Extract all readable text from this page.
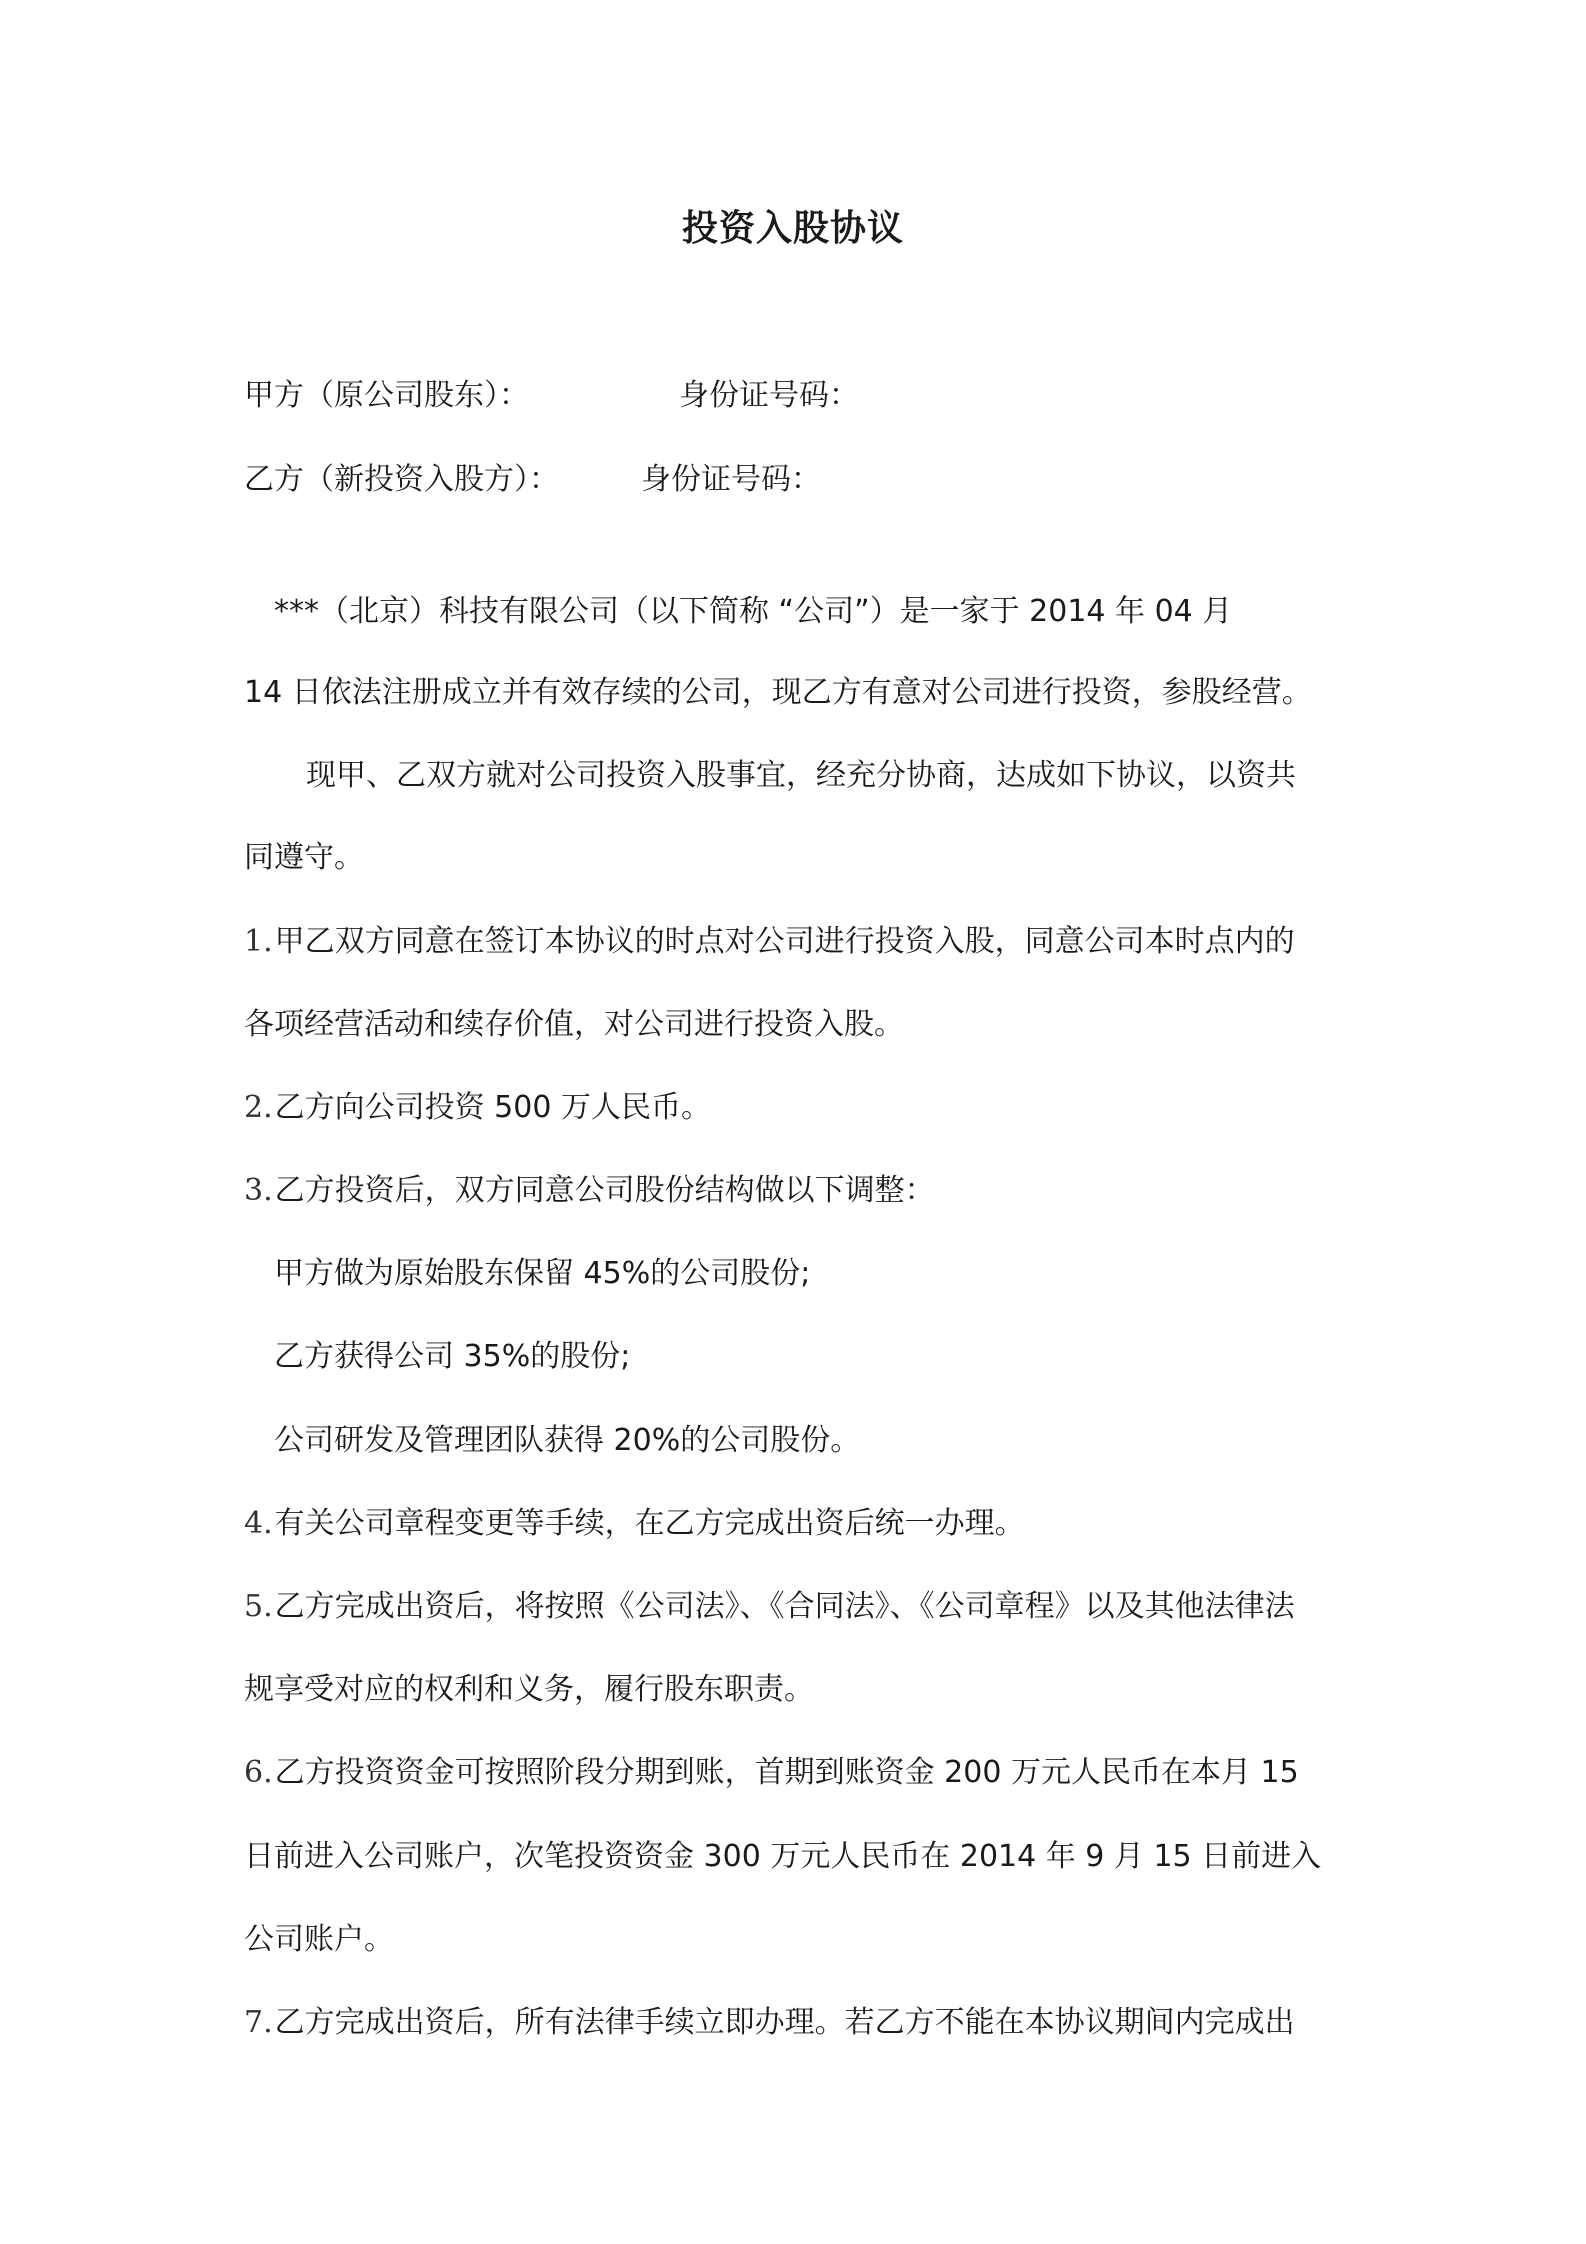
投资入股协议
甲方（原公司股东）：	身份证号码：
乙方（新投资入股方）：	身份证号码：
***（北京）科技有限公司（以下简称 “公司”）是一家于 2014 年 04 月
14 日依法注册成立并有效存续的公司，现乙方有意对公司进行投资，参股经营。
现甲、乙双方就对公司投资入股事宜，经充分协商，达成如下协议，以资共
同遵守。
1.甲乙双方同意在签订本协议的时点对公司进行投资入股，同意公司本时点内的
各项经营活动和续存价值，对公司进行投资入股。
2.乙方向公司投资 500 万人民币。
3.乙方投资后，双方同意公司股份结构做以下调整：
甲方做为原始股东保留 45%的公司股份;
乙方获得公司 35%的股份;
公司研发及管理团队获得 20%的公司股份。
4.有关公司章程变更等手续，在乙方完成出资后统一办理。
5.乙方完成出资后，将按照《公司法》、《合同法》、《公司章程》以及其他法律法
规享受对应的权利和义务，履行股东职责。
6.乙方投资资金可按照阶段分期到账，首期到账资金 200 万元人民币在本月 15
日前进入公司账户，次笔投资资金 300 万元人民币在 2014 年 9 月 15 日前进入
公司账户。
7.乙方完成出资后，所有法律手续立即办理。若乙方不能在本协议期间内完成出
